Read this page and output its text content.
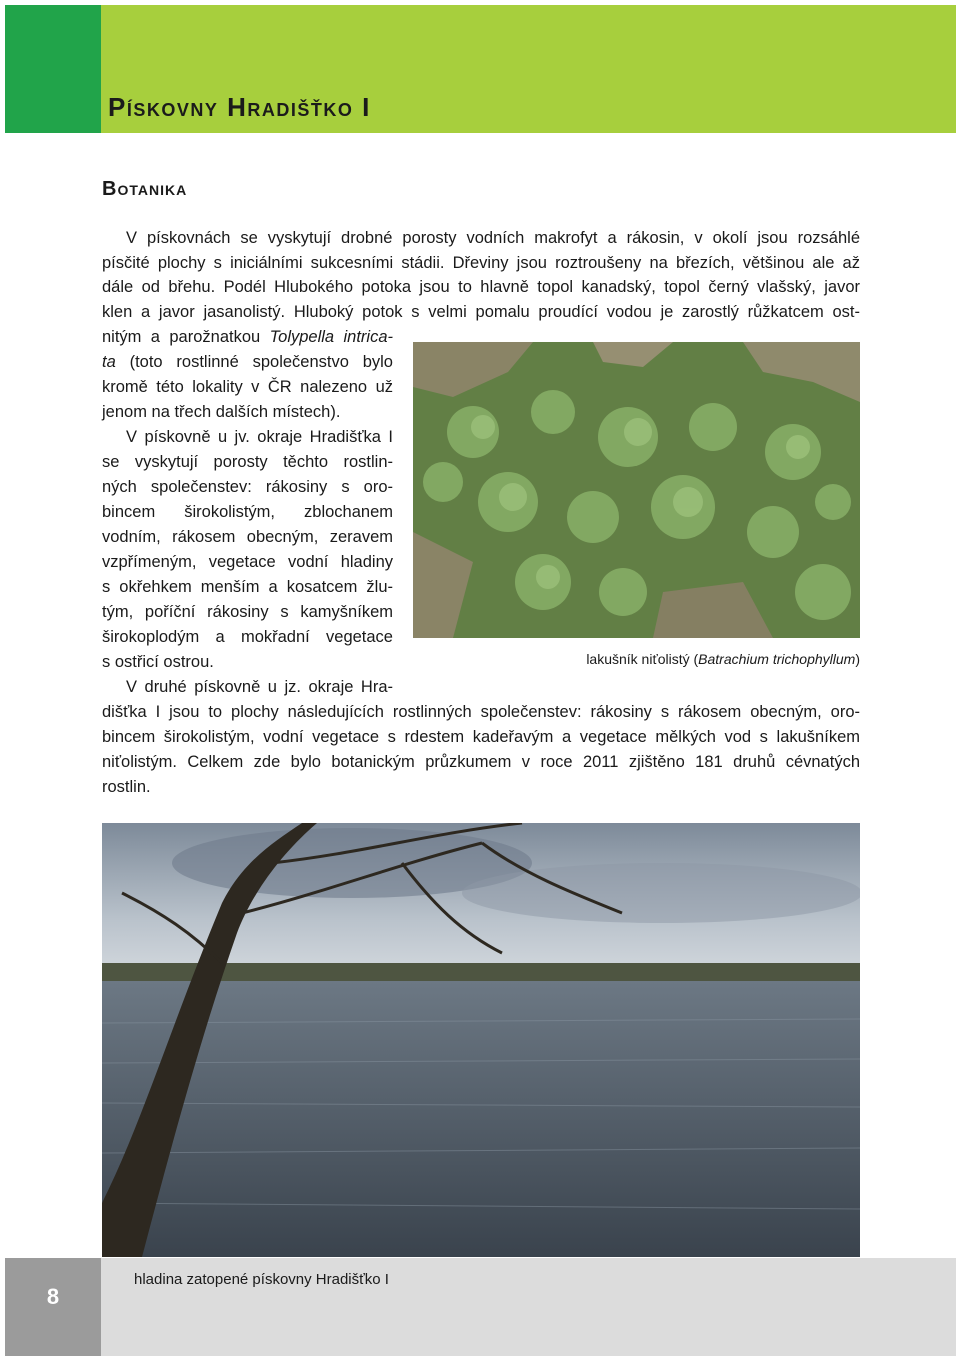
Pískovny Hradišťko I
Botanika

V pískovnách se vyskytují drobné porosty vodních makrofyt a rákosin, v okolí jsou rozsáhlé

písčité plochy s iniciálními sukcesními stádii. Dřeviny jsou roztroušeny na březích, většinou ale až

dále od břehu. Podél Hlubokého potoka jsou to hlavně topol kanadský, topol černý vlašský, javor

klen a javor jasanolistý. Hluboký potok s velmi pomalu proudící vodou je zarostlý růžkatcem ost-

nitým a parožnatkou Tolypella intrica-

ta (toto rostlinné společenstvo bylo

kromě této lokality v ČR nalezeno už

jenom na třech dalších místech).

V pískovně u jv. okraje Hradišťka I

se vyskytují porosty těchto rostlin-

ných společenstev: rákosiny s oro-

bincem širokolistým, zblochanem

vodním, rákosem obecným, zeravem

vzpřímeným, vegetace vodní hladiny

s okřehkem menším a kosatcem žlu-

tým, poříční rákosiny s kamyšníkem

širokoplodým a mokřadní vegetace

s ostřicí ostrou.

V druhé pískovně u jz. okraje Hra-

dišťka I jsou to plochy následujících rostlinných společenstev: rákosiny s rákosem obecným, oro-

bincem širokolistým, vodní vegetace s rdestem kadeřavým a vegetace mělkých vod s lakušníkem

niťolistým. Celkem zde bylo botanickým průzkumem v roce 2011 zjištěno 181 druhů cévnatých

rostlin.

lakušník niťolistý (Batrachium trichophyllum)

8

hladina zatopené pískovny Hradišťko I
